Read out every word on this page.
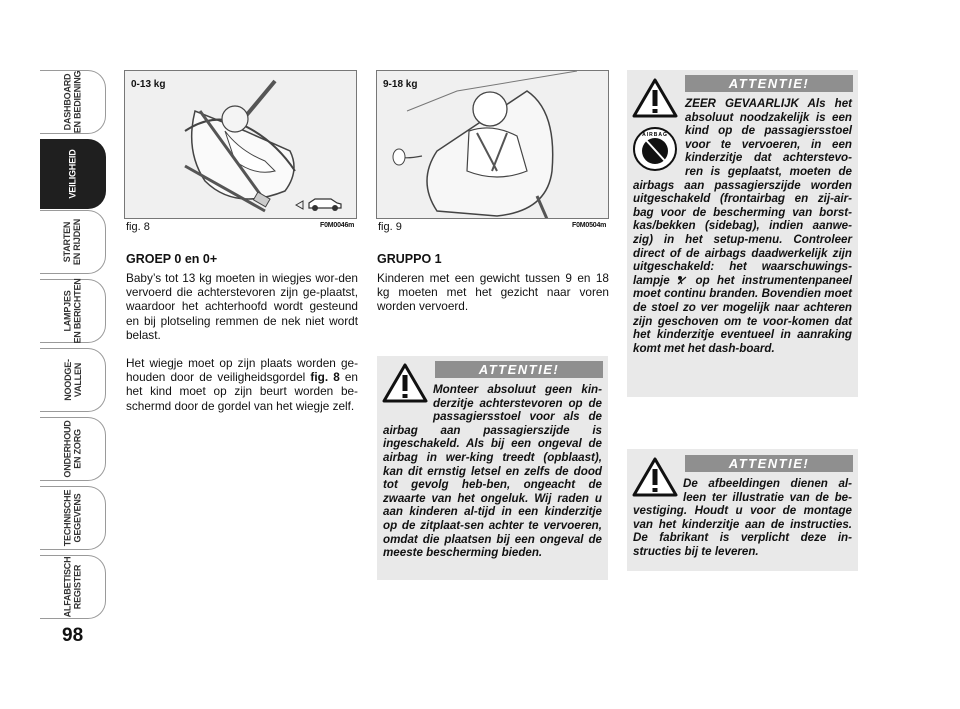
DASHBOARD
EN BEDIENING
VEILIGHEID
STARTEN
EN RIJDEN
LAMPJES
EN BERICHTEN
NOODGE-
VALLEN
ONDERHOUD
EN ZORG
TECHNISCHE
GEGEVENS
ALFABETISCH
REGISTER
98
0-13 kg
fig. 8	F0M0046m
9-18 kg
fig. 9	F0M0504m
GROEP 0 en 0+
Baby’s tot 13 kg moeten in wiegjes wor-den vervoerd die achterstevoren zijn ge-plaatst, waardoor het achterhoofd wordt gesteund en bij plotseling remmen de nek niet wordt belast.
Het wiegje moet op zijn plaats worden ge-houden door de veiligheidsgordel fig. 8 en het kind moet op zijn beurt worden be-schermd door de gordel van het wiegje zelf.
GRUPPO 1
Kinderen met een gewicht tussen 9 en 18 kg moeten met het gezicht naar voren worden vervoerd.
ATTENTIE!
Monteer absoluut geen kin-derzitje achterstevoren op de passagiersstoel voor als de airbag aan passagierszijde is ingeschakeld. Als bij een ongeval de airbag in wer-king treedt (opblaast), kan dit ernstig letsel en zelfs de dood tot gevolg heb-ben, ongeacht de zwaarte van het ongeluk. Wij raden u aan kinderen al-tijd in een kinderzitje op de zitplaat-sen achter te vervoeren, omdat die plaatsen bij een ongeval de meeste bescherming bieden.
ATTENTIE!
AIRBAG
ZEER GEVAARLIJK Als het absoluut noodzakelijk is een kind op de passagiersstoel voor te vervoeren, in een kinderzitje dat achterstevo-ren is geplaatst, moeten de airbags aan passagierszijde worden uitgeschakeld (frontairbag en zij-air-bag voor de bescherming van borst-kas/bekken (sidebag), indien aanwe-zig) in het setup-menu. Controleer direct of de airbags daadwerkelijk zijn uitgeschakeld: het waarschuwings-lampje  op het instrumentenpaneel moet continu branden. Bovendien moet de stoel zo ver mogelijk naar achteren zijn geschoven om te voor-komen dat het kinderzitje eventueel in aanraking komt met het dash-board.
ATTENTIE!
De afbeeldingen dienen al-leen ter illustratie van de be-vestiging. Houdt u voor de montage van het kinderzitje aan de instructies. De fabrikant is verplicht deze in-structies bij te leveren.
